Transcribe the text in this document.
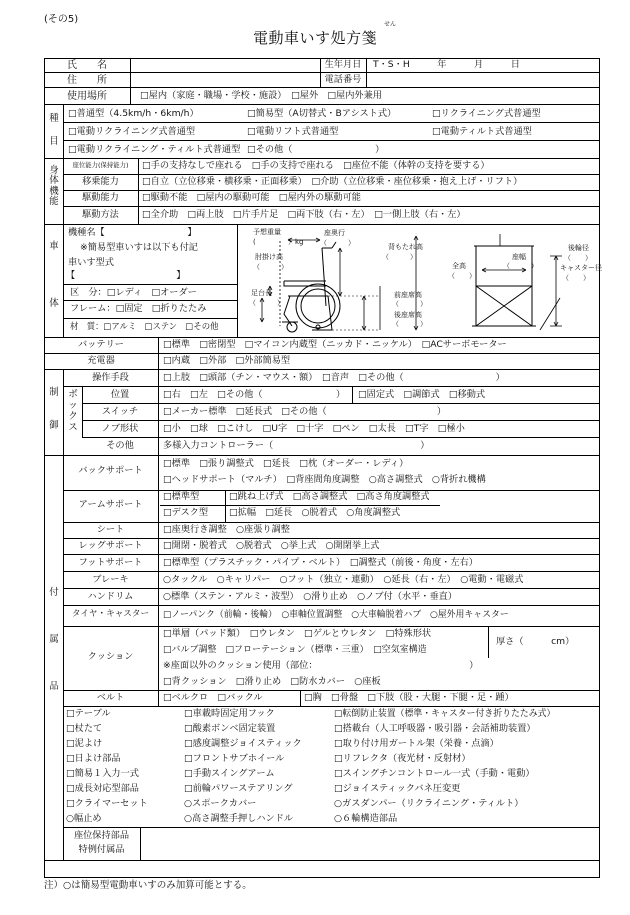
(その5)	せん
電動車いす処方箋
氏　　名	生年月日	T・S・H　　　年　　　月　　　日
住　　所	電話番号
使用場所	□屋内（家庭・職場・学校・施設）　□屋外　□屋内外兼用
種
目
□普通型（4.5km/h・6km/h）	□簡易型（A切替式・Bアシスト式）	□リクライニング式普通型
□電動リクライニング式普通型	□電動リフト式普通型	□電動ティルト式普通型
□電動リクライニング・ティルト式普通型 □その他（　　　　　　　　　）
身
体
機
能
座位能力(保持能力)	□手の支持なしで座れる　□手の支持で座れる　□座位不能（体幹の支持を要する）
移乗能力	□自立（立位移乗・横移乗・正面移乗）　□介助（立位移乗・座位移乗・抱え上げ・リフト）
駆動能力	□駆動不能　□屋内の駆動可能　□屋内外の駆動可能
駆動方法	□全介助　□両上肢　□片手片足　□両下肢（右・左）　□一側上肢（右・左）
車
体
機種名【　　　　　　　　　】
※簡易型車いすは以下も付記
車いす型式
【　　　　　　　　　　　】
区　分：□レディ　□オーダー
フレーム：□固定　□折りたたみ
材　質：□アルミ　□ステン　□その他
予想重量
(	）kg
座奥行
（　　　）	背もたれ高
（　　　）
肘掛け高
（　　　）
足台長
（　　　）
前座席高
（　　　）
後座席高
（　　　）
全高
（　　）
座幅
（　　　）
後輪径
（　　）
キャスター径
（　　）
バッテリー	□標準　□密閉型　□マイコン内蔵型（ニッカド・ニッケル）　□ACサーボモーター
充電器	□内蔵　□外部　□外部簡易型
制
御
ボ
ッ
ク
ス
操作手段	□上肢　□頭部（チン・マウス・額）　□音声　□その他（　　　　　　　　　　）
位置	□右　□左　□その他（　　　　　　　　） □固定式　□調節式　□移動式
スイッチ	□メーカー標準　□延長式　□その他（　　　　　　　　　　　　）
ノブ形状	□小　□球　□こけし　□U字　□十字　□ペン　□太長　□T字　□極小
その他	多様入力コントローラー（　　　　　　　　　　　　　　　　）
付
属
品
バックサポート
□標準　□張り調整式　□延長　□枕（オーダー・レディ）
□ヘッドサポート（マルチ）　□背座間角度調整　○高さ調整式　○背折れ機構
アームサポート
□標準型	□跳ね上げ式　□高さ調整式　□高さ角度調整式
□デスク型 □拡幅　□延長　○脱着式　○角度調整式
シート	□座奥行き調整　○座張り調整
レッグサポート	□開閉・脱着式　○脱着式　○挙上式　○開閉挙上式
フットサポート	□標準型（プラスチック・パイプ・ベルト）　□調整式（前後・角度・左右）
ブレーキ	○タックル　○キャリパー　○フット（独立・連動）　○延長（右・左）　○電動・電磁式
ハンドリム	○標準（ステン・アルミ・波型）　○滑り止め　○ノブ付（水平・垂直）
タイヤ・キャスター	□ノーパンク（前輪・後輪）　○車軸位置調整　○大車輪脱着ハブ　○屋外用キャスター
クッション
□単層（パッド類）　□ウレタン　□ゲルとウレタン　□特殊形状
□バルブ調整　□フローテーション（標準・三重）　□空気室構造
厚さ（　　　cm）
※座面以外のクッション使用（部位：　　　　　　　　　　　　　　　　　）
□背クッション　□滑り止め　□防水カバー　○座板
ベルト	□ベルクロ　□バックル	□胸　□骨盤　□下肢（股・大腿・下腿・足・踵）
□テーブル	□車載時固定用フック	□転倒防止装置（標準・キャスター付き折りたたみ式）
□杖たて	□酸素ボンベ固定装置	□搭載台（人工呼吸器・吸引器・会話補助装置）
□泥よけ	□感度調整ジョイスティック	□取り付け用ガートル架（栄養・点滴）
□日よけ部品	□フロントサブホイール	□リフレクタ（夜光材・反射材）
□簡易１入力一式	□手動スイングアーム	□スイングチンコントロール一式（手動・電動）
□成長対応型部品	□前輪パワーステアリング	□ジョイスティックバネ圧変更
□クライマーセット	○スポークカバー	○ガスダンパー（リクライニング・ティルト）
○幅止め	○高さ調整手押しハンドル	○６輪構造部品
座位保持部品
特例付属品
注）○は簡易型電動車いすのみ加算可能とする。
